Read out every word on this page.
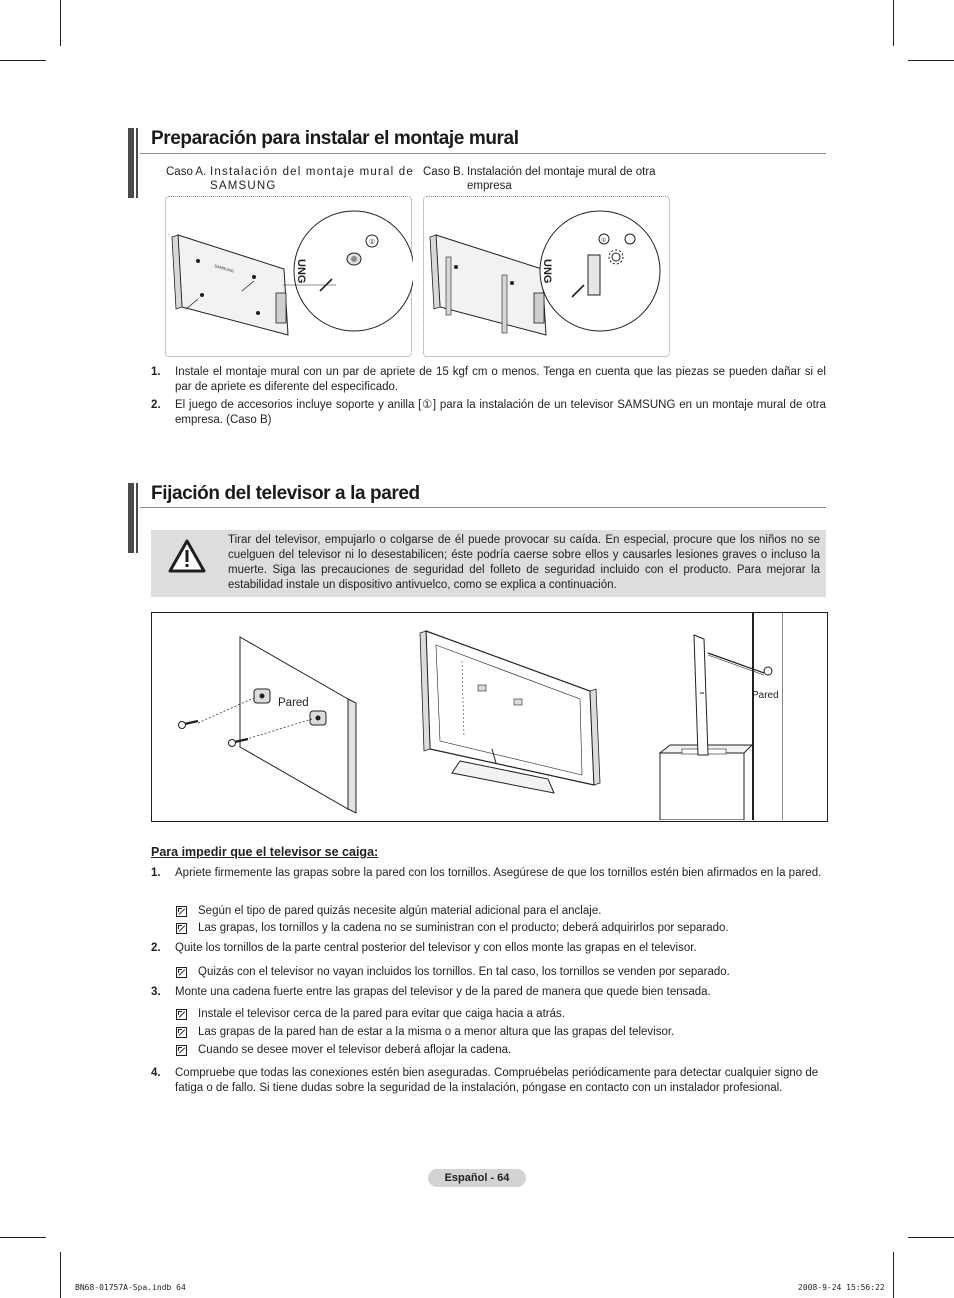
Preparación para instalar el montaje mural
Caso A. Instalación del montaje mural de SAMSUNG
Caso B. Instalación del montaje mural de otra empresa
SAMSUNG	UNG
①
UNG
①
1. Instale el montaje mural con un par de apriete de 15 kgf cm o menos. Tenga en cuenta que las piezas se pueden dañar si el par de apriete es diferente del especificado.
2. El juego de accesorios incluye soporte y anilla [①] para la instalación de un televisor SAMSUNG en un montaje mural de otra empresa. (Caso B)
Fijación del televisor a la pared
Tirar del televisor, empujarlo o colgarse de él puede provocar su caída. En especial, procure que los niños no se cuelguen del televisor ni lo desestabilicen; éste podría caerse sobre ellos y causarles lesiones graves o incluso la muerte. Siga las precauciones de seguridad del folleto de seguridad incluido con el producto. Para mejorar la estabilidad instale un dispositivo antivuelco, como se explica a continuación.
Pared
Pared
Para impedir que el televisor se caiga:
1. Apriete firmemente las grapas sobre la pared con los tornillos. Asegúrese de que los tornillos estén bien afirmados en la pared.
Según el tipo de pared quizás necesite algún material adicional para el anclaje.
Las grapas, los tornillos y la cadena no se suministran con el producto; deberá adquirirlos por separado.
2. Quite los tornillos de la parte central posterior del televisor y con ellos monte las grapas en el televisor.
Quizás con el televisor no vayan incluidos los tornillos. En tal caso, los tornillos se venden por separado.
3. Monte una cadena fuerte entre las grapas del televisor y de la pared de manera que quede bien tensada.
Instale el televisor cerca de la pared para evitar que caiga hacia a atrás.
Las grapas de la pared han de estar a la misma o a menor altura que las grapas del televisor.
Cuando se desee mover el televisor deberá aflojar la cadena.
4. Compruebe que todas las conexiones estén bien aseguradas. Compruébelas periódicamente para detectar cualquier signo de fatiga o de fallo. Si tiene dudas sobre la seguridad de la instalación, póngase en contacto con un instalador profesional.
Español - 64
BN68-01757A-Spa.indb 64	2008-9-24 15:56:22
